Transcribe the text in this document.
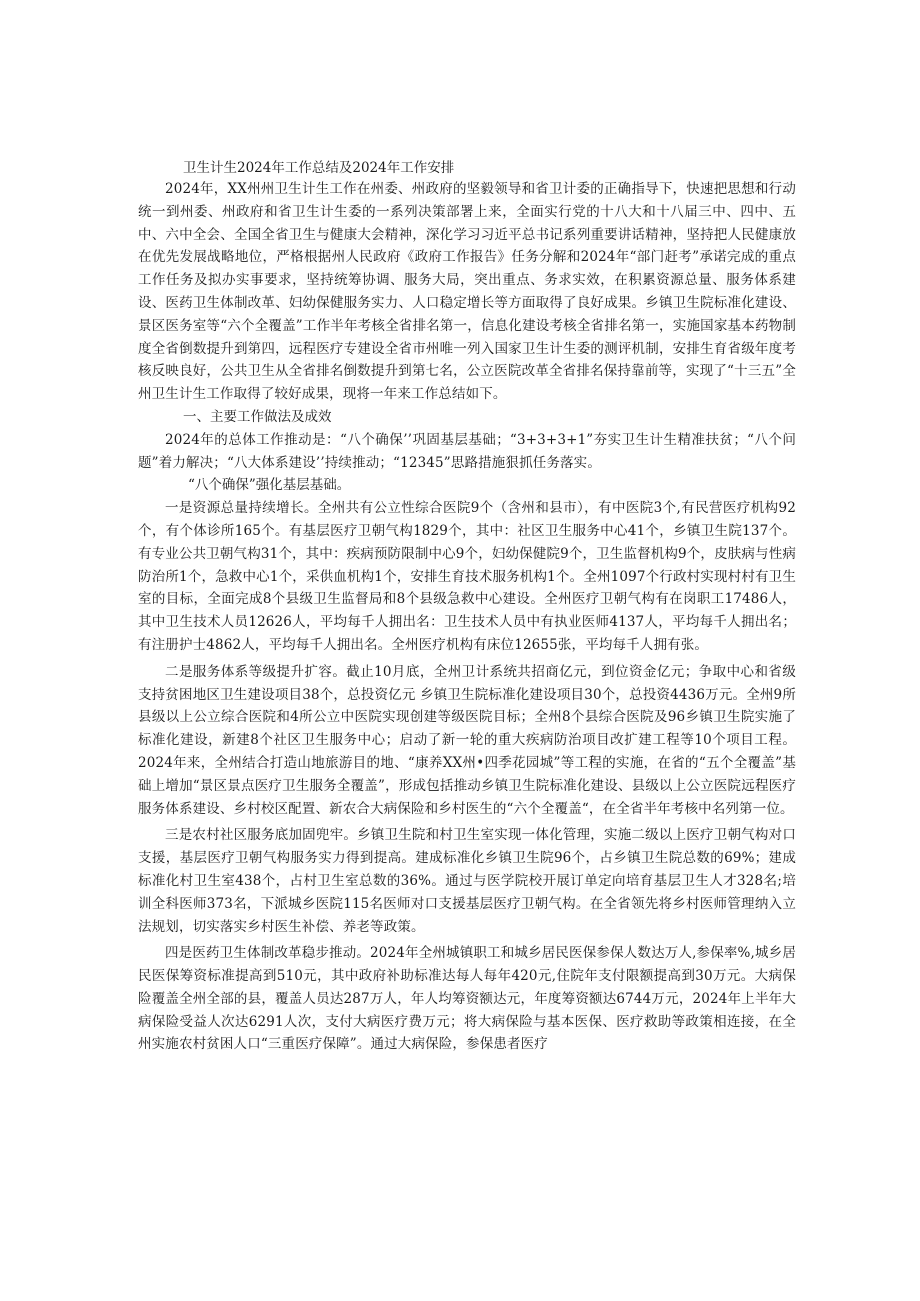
卫生计生2024年工作总结及2024年工作安排

2024年，XX州州卫生计生工作在州委、州政府的坚毅领导和省卫计委的正确指导下，快速把思想和行动统一到州委、州政府和省卫生计生委的一系列决策部署上来，全面实行党的十八大和十八届三中、四中、五中、六中全会、全国全省卫生与健康大会精神，深化学习习近平总书记系列重要讲话精神，坚持把人民健康放在优先发展战略地位，严格根据州人民政府《政府工作报告》任务分解和2024年“部门赶考”承诺完成的重点工作任务及拟办实事要求，坚持统筹协调、服务大局，突出重点、务求实效，在积累资源总量、服务体系建设、医药卫生体制改革、妇幼保健服务实力、人口稳定增长等方面取得了良好成果。乡镇卫生院标准化建设、景区医务室等“六个全覆盖”工作半年考核全省排名第一，信息化建设考核全省排名第一，实施国家基本药物制度全省倒数提升到第四，远程医疗专建设全省市州唯一列入国家卫生计生委的测评机制，安排生育省级年度考核反映良好，公共卫生从全省排名倒数提升到第七名，公立医院改革全省排名保持靠前等，实现了“十三五”全州卫生计生工作取得了较好成果，现将一年来工作总结如下。

一、主要工作做法及成效

2024年的总体工作推动是：“八个确保’’巩固基层基础；“3+3+3+1”夯实卫生计生精准扶贫；“八个问题”着力解决；“八大体系建设’’持续推动；“12345”思路措施狠抓任务落实。

“八个确保”强化基层基础。

一是资源总量持续增长。全州共有公立性综合医院9个（含州和县市），有中医院3个,有民营医疗机构92个，有个体诊所165个。有基层医疗卫朝气构1829个，其中：社区卫生服务中心41个，乡镇卫生院137个。有专业公共卫朝气构31个，其中：疾病预防限制中心9个，妇幼保健院9个，卫生监督机构9个，皮肤病与性病防治所1个，急救中心1个，采供血机构1个，安排生育技术服务机构1个。全州1097个行政村实现村村有卫生室的目标，全面完成8个县级卫生监督局和8个县级急救中心建设。全州医疗卫朝气构有在岗职工17486人，其中卫生技术人员12626人，平均每千人拥出名：卫生技术人员中有执业医师4137人，平均每千人拥出名；有注册护士4862人，平均每千人拥出名。全州医疗机构有床位12655张，平均每千人拥有张。

二是服务体系等级提升扩容。截止10月底，全州卫计系统共招商亿元，到位资金亿元；争取中心和省级支持贫困地区卫生建设项目38个，总投资亿元 乡镇卫生院标准化建设项目30个，总投资4436万元。全州9所县级以上公立综合医院和4所公立中医院实现创建等级医院目标；全州8个县综合医院及96乡镇卫生院实施了标准化建设，新建8个社区卫生服务中心；启动了新一轮的重大疾病防治项目改扩建工程等10个项目工程。2024年来，全州结合打造山地旅游目的地、“康养XX州•四季花园城”等工程的实施，在省的“五个全覆盖”基础上增加“景区景点医疗卫生服务全覆盖”，形成包括推动乡镇卫生院标准化建设、县级以上公立医院远程医疗服务体系建设、乡村校区配置、新农合大病保险和乡村医生的“六个全覆盖“，在全省半年考核中名列第一位。

三是农村社区服务底加固兜牢。乡镇卫生院和村卫生室实现一体化管理，实施二级以上医疗卫朝气构对口支援，基层医疗卫朝气构服务实力得到提高。建成标准化乡镇卫生院96个，占乡镇卫生院总数的69%；建成标准化村卫生室438个，占村卫生室总数的36%。通过与医学院校开展订单定向培育基层卫生人才328名;培训全科医师373名，下派城乡医院115名医师对口支援基层医疗卫朝气构。在全省领先将乡村医师管理纳入立法规划，切实落实乡村医生补偿、养老等政策。

四是医药卫生体制改革稳步推动。2024年全州城镇职工和城乡居民医保参保人数达万人,参保率%,城乡居民医保筹资标准提高到510元，其中政府补助标准达每人每年420元,住院年支付限额提高到30万元。大病保险覆盖全州全部的县，覆盖人员达287万人，年人均筹资额达元，年度筹资额达6744万元，2024年上半年大病保险受益人次达6291人次，支付大病医疗费万元；将大病保险与基本医保、医疗救助等政策相连接，在全州实施农村贫困人口“三重医疗保障”。通过大病保险，参保患者医疗
